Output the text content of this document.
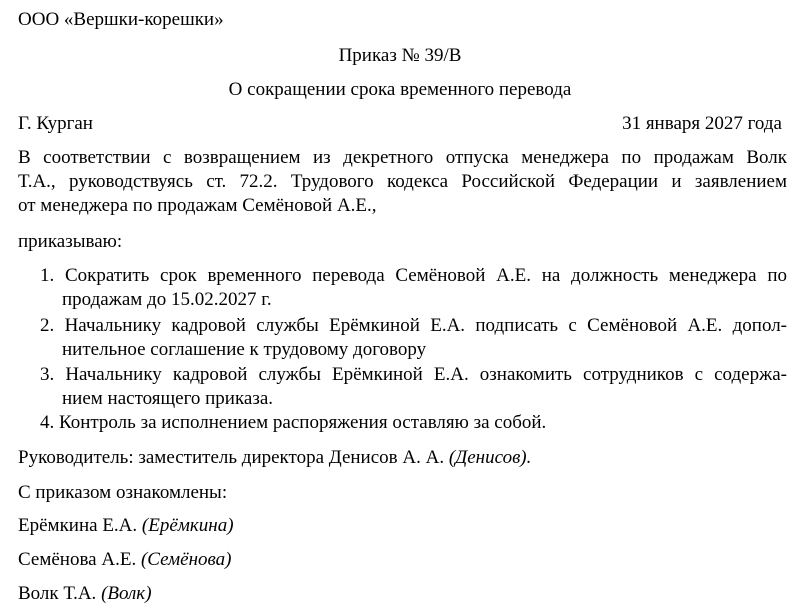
ООО «Вершки-корешки»
Приказ № 39/В
О сокращении срока временного перевода
Г. Курган	31 января 2027 года
В соответствии с возвращением из декретного отпуска менеджера по продажам Волк
Т.А., руководствуясь ст. 72.2. Трудового кодекса Российской Федерации и заявлением
от менеджера по продажам Семёновой А.Е.,
приказываю:
1. Сократить срок временного перевода Семёновой А.Е. на должность менеджера по
продажам до 15.02.2027 г.
2. Начальнику кадровой службы Ерёмкиной Е.А. подписать с Семёновой А.Е. допол-
нительное соглашение к трудовому договору
3. Начальнику кадровой службы Ерёмкиной Е.А. ознакомить сотрудников с содержа-
нием настоящего приказа.
4. Контроль за исполнением распоряжения оставляю за собой.
Руководитель: заместитель директора Денисов А. А. (Денисов).
С приказом ознакомлены:
Ерёмкина Е.А. (Ерёмкина)
Семёнова А.Е. (Семёнова)
Волк Т.А. (Волк)
